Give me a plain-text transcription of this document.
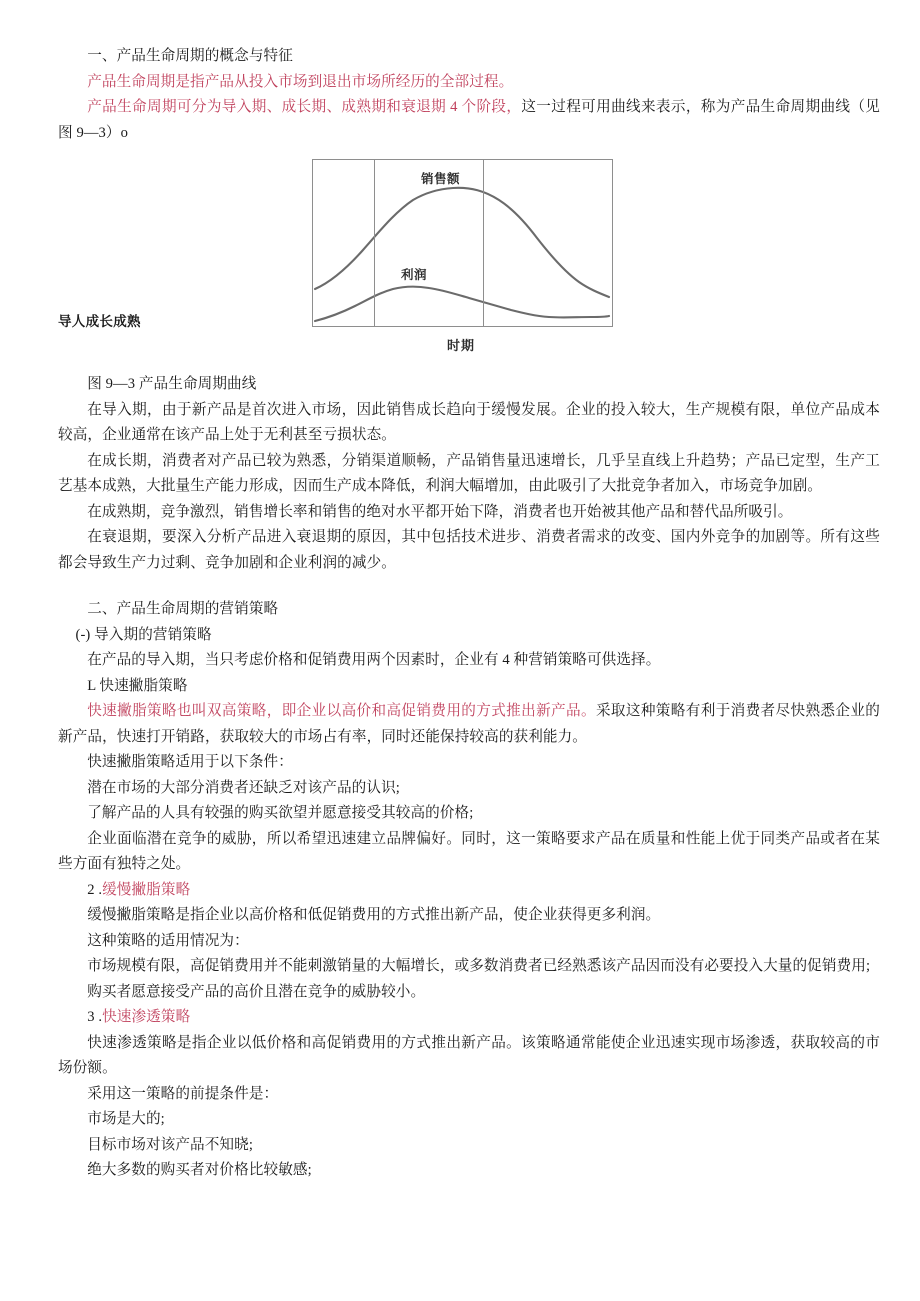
一、产品生命周期的概念与特征

产品生命周期是指产品从投入市场到退出市场所经历的全部过程。

产品生命周期可分为导入期、成长期、成熟期和衰退期 4 个阶段，这一过程可用曲线来表示，称为产品生命周期曲线（见图 9—3）o

销售额
利润
导人成长成熟
时期

图 9—3 产品生命周期曲线

在导入期，由于新产品是首次进入市场，因此销售成长趋向于缓慢发展。企业的投入较大，生产规模有限，单位产品成本较高，企业通常在该产品上处于无利甚至亏损状态。

在成长期，消费者对产品已较为熟悉，分销渠道顺畅，产品销售量迅速增长，几乎呈直线上升趋势；产品已定型，生产工艺基本成熟，大批量生产能力形成，因而生产成本降低，利润大幅增加，由此吸引了大批竞争者加入，市场竞争加剧。

在成熟期，竞争激烈，销售增长率和销售的绝对水平都开始下降，消费者也开始被其他产品和替代品所吸引。

在衰退期，要深入分析产品进入衰退期的原因，其中包括技术进步、消费者需求的改变、国内外竞争的加剧等。所有这些都会导致生产力过剩、竞争加剧和企业利润的减少。

二、产品生命周期的营销策略

(-) 导入期的营销策略

在产品的导入期，当只考虑价格和促销费用两个因素时，企业有 4 种营销策略可供选择。

L 快速撇脂策略

快速撇脂策略也叫双高策略，即企业以高价和高促销费用的方式推出新产品。采取这种策略有利于消费者尽快熟悉企业的新产品，快速打开销路，获取较大的市场占有率，同时还能保持较高的获利能力。

快速撇脂策略适用于以下条件：

潜在市场的大部分消费者还缺乏对该产品的认识;

了解产品的人具有较强的购买欲望并愿意接受其较高的价格;

企业面临潜在竞争的威胁，所以希望迅速建立品牌偏好。同时，这一策略要求产品在质量和性能上优于同类产品或者在某些方面有独特之处。

2 .缓慢撇脂策略

缓慢撇脂策略是指企业以高价格和低促销费用的方式推出新产品，使企业获得更多利润。

这种策略的适用情况为：

市场规模有限，高促销费用并不能刺激销量的大幅增长，或多数消费者已经熟悉该产品因而没有必要投入大量的促销费用;

购买者愿意接受产品的高价且潜在竞争的威胁较小。

3 .快速渗透策略

快速渗透策略是指企业以低价格和高促销费用的方式推出新产品。该策略通常能使企业迅速实现市场渗透，获取较高的市场份额。

采用这一策略的前提条件是：

市场是大的;

目标市场对该产品不知晓;

绝大多数的购买者对价格比较敏感;
